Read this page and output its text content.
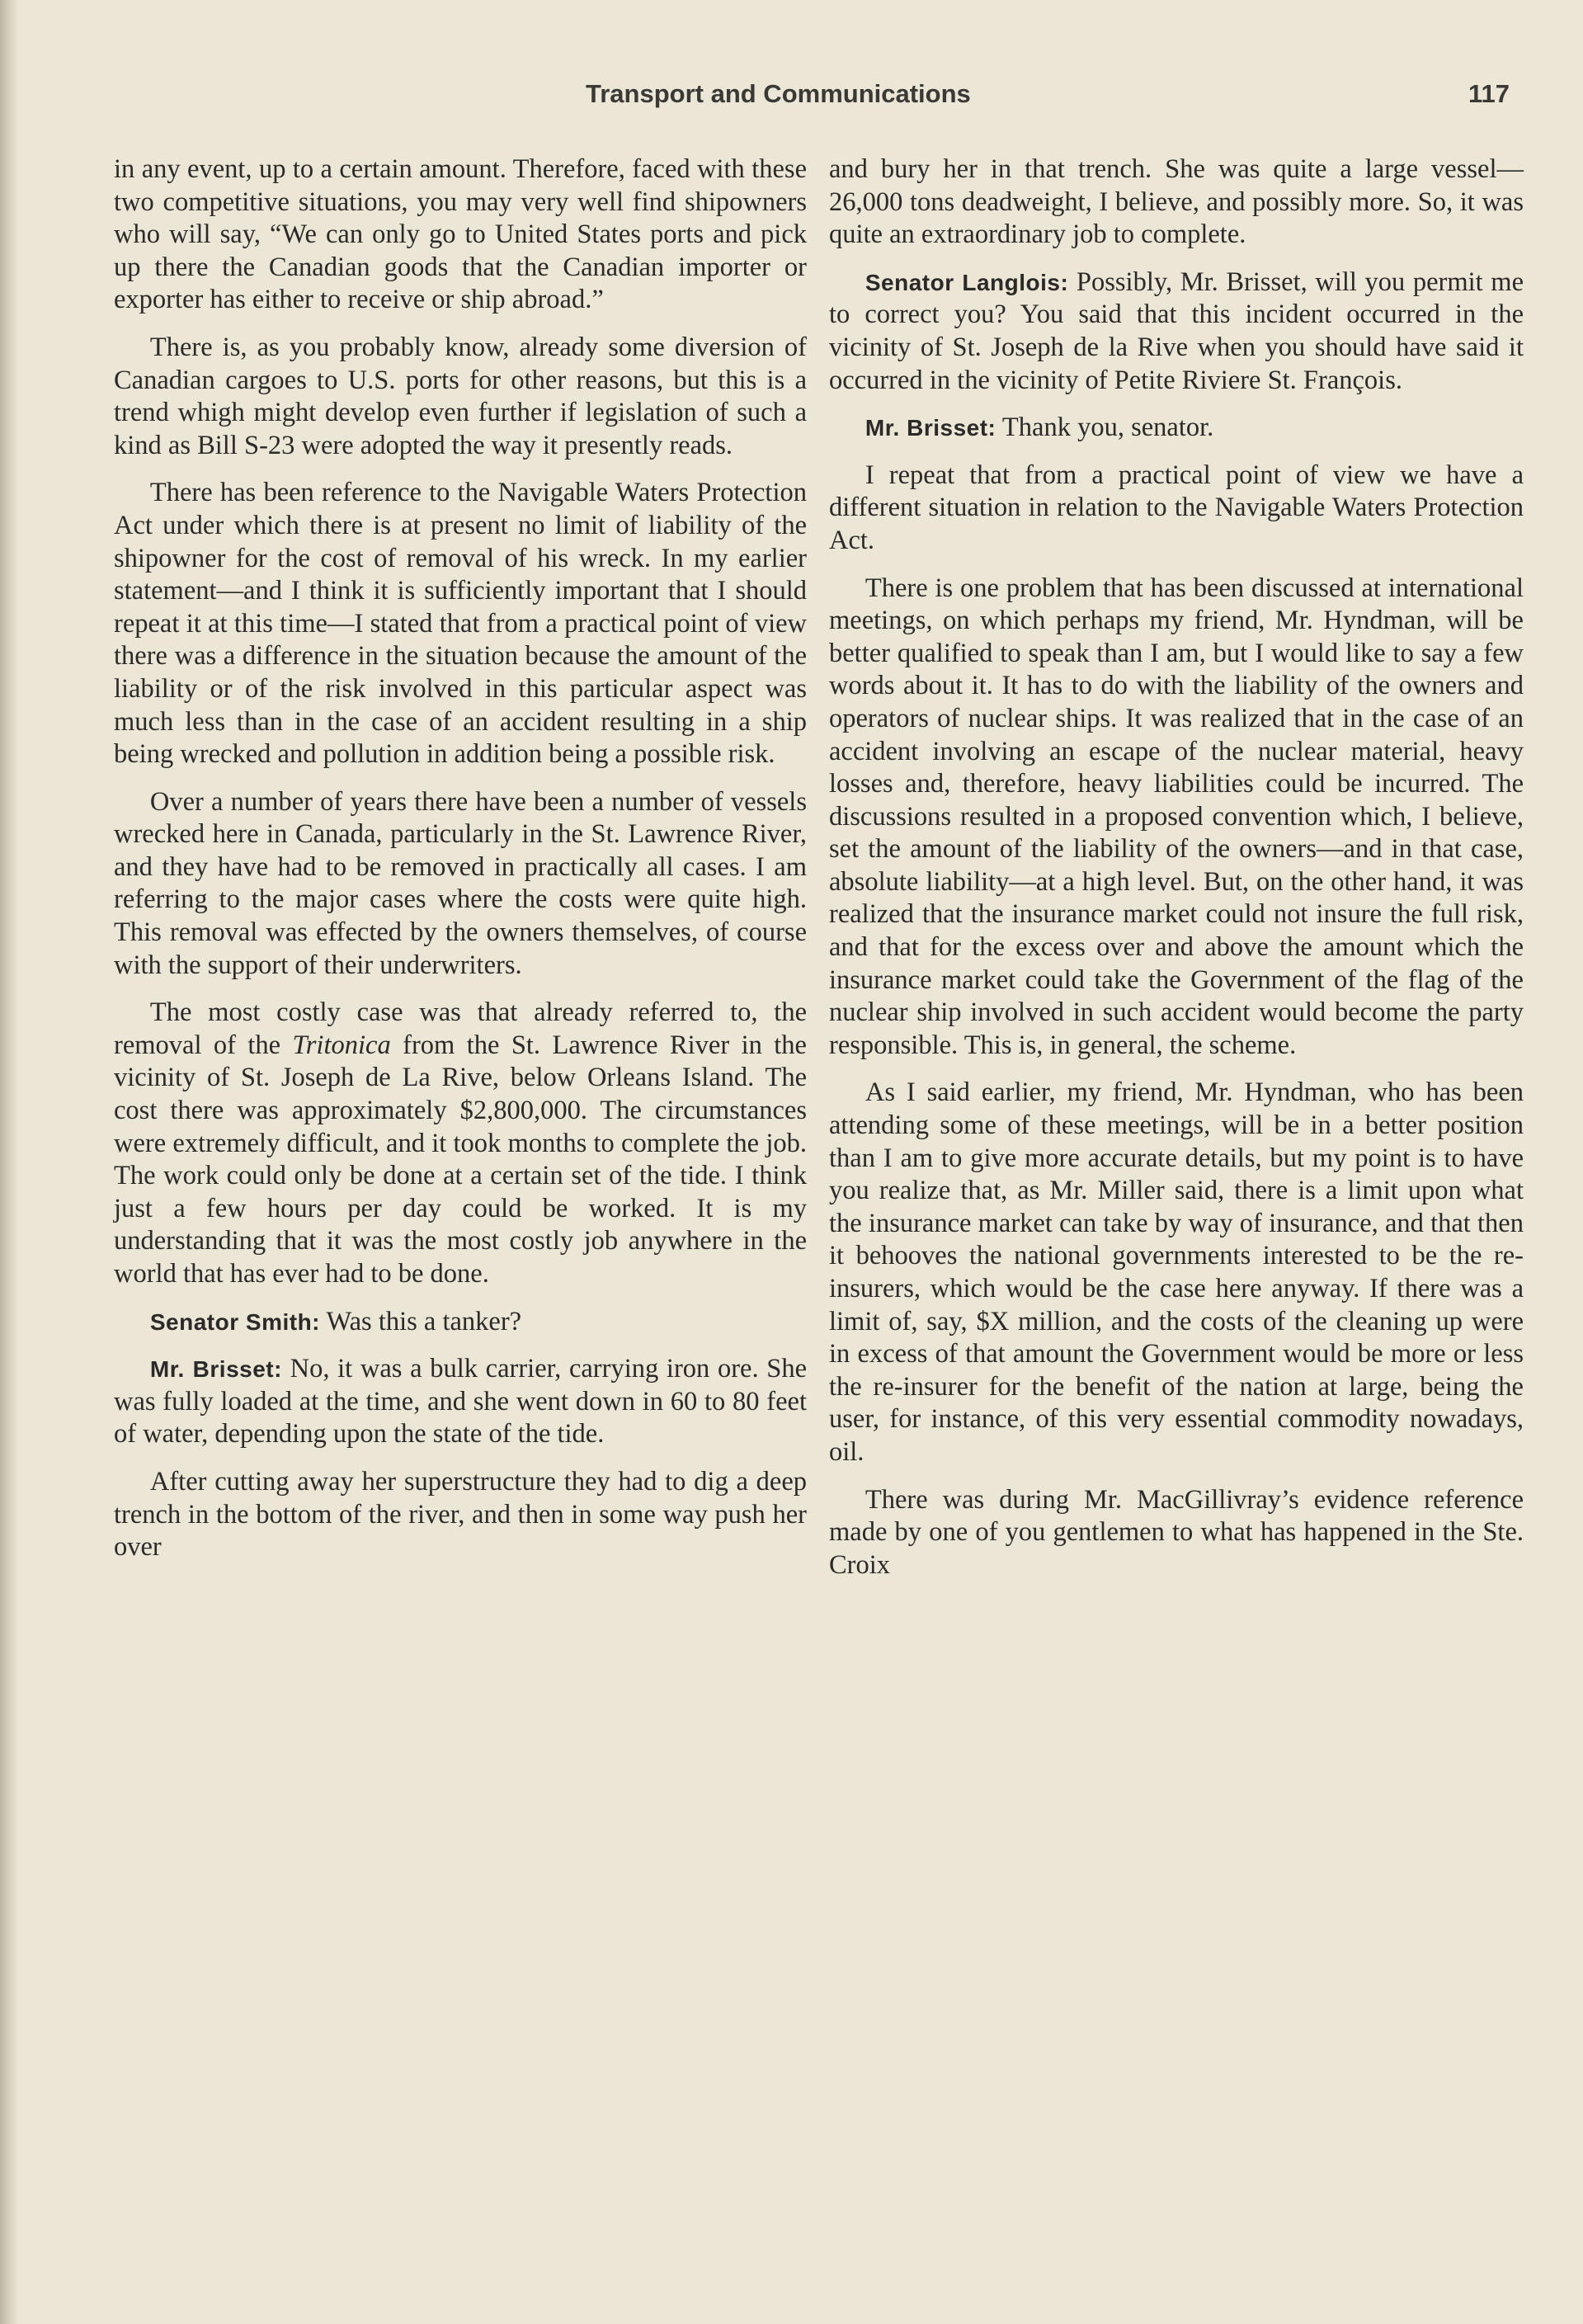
Transport and Communications	117

in any event, up to a certain amount. Therefore, faced with these two competitive situations, you may very well find shipowners who will say, “We can only go to United States ports and pick up there the Canadian goods that the Canadian importer or exporter has either to receive or ship abroad.”

There is, as you probably know, already some diversion of Canadian cargoes to U.S. ports for other reasons, but this is a trend whigh might develop even further if legislation of such a kind as Bill S-23 were adopted the way it presently reads.

There has been reference to the Navigable Waters Protection Act under which there is at present no limit of liability of the shipowner for the cost of removal of his wreck. In my earlier statement—and I think it is sufficiently important that I should repeat it at this time—I stated that from a practical point of view there was a difference in the situation because the amount of the liability or of the risk involved in this particular aspect was much less than in the case of an accident resulting in a ship being wrecked and pollution in addition being a possible risk.

Over a number of years there have been a number of vessels wrecked here in Canada, particularly in the St. Lawrence River, and they have had to be removed in practically all cases. I am referring to the major cases where the costs were quite high. This removal was effected by the owners themselves, of course with the support of their underwriters.

The most costly case was that already referred to, the removal of the Tritonica from the St. Lawrence River in the vicinity of St. Joseph de La Rive, below Orleans Island. The cost there was approximately $2,800,000. The circumstances were extremely difficult, and it took months to complete the job. The work could only be done at a certain set of the tide. I think just a few hours per day could be worked. It is my understanding that it was the most costly job anywhere in the world that has ever had to be done.

Senator Smith: Was this a tanker?

Mr. Brisset: No, it was a bulk carrier, carrying iron ore. She was fully loaded at the time, and she went down in 60 to 80 feet of water, depending upon the state of the tide.

After cutting away her superstructure they had to dig a deep trench in the bottom of the river, and then in some way push her over

and bury her in that trench. She was quite a large vessel—26,000 tons deadweight, I believe, and possibly more. So, it was quite an extraordinary job to complete.

Senator Langlois: Possibly, Mr. Brisset, will you permit me to correct you? You said that this incident occurred in the vicinity of St. Joseph de la Rive when you should have said it occurred in the vicinity of Petite Riviere St. François.

Mr. Brisset: Thank you, senator.

I repeat that from a practical point of view we have a different situation in relation to the Navigable Waters Protection Act.

There is one problem that has been discussed at international meetings, on which perhaps my friend, Mr. Hyndman, will be better qualified to speak than I am, but I would like to say a few words about it. It has to do with the liability of the owners and operators of nuclear ships. It was realized that in the case of an accident involving an escape of the nuclear material, heavy losses and, therefore, heavy liabilities could be incurred. The discussions resulted in a proposed convention which, I believe, set the amount of the liability of the owners—and in that case, absolute liability—at a high level. But, on the other hand, it was realized that the insurance market could not insure the full risk, and that for the excess over and above the amount which the insurance market could take the Government of the flag of the nuclear ship involved in such accident would become the party responsible. This is, in general, the scheme.

As I said earlier, my friend, Mr. Hyndman, who has been attending some of these meetings, will be in a better position than I am to give more accurate details, but my point is to have you realize that, as Mr. Miller said, there is a limit upon what the insurance market can take by way of insurance, and that then it behooves the national governments interested to be the re-insurers, which would be the case here anyway. If there was a limit of, say, $X million, and the costs of the cleaning up were in excess of that amount the Government would be more or less the re-insurer for the benefit of the nation at large, being the user, for instance, of this very essential commodity nowadays, oil.

There was during Mr. MacGillivray’s evidence reference made by one of you gentlemen to what has happened in the Ste. Croix
